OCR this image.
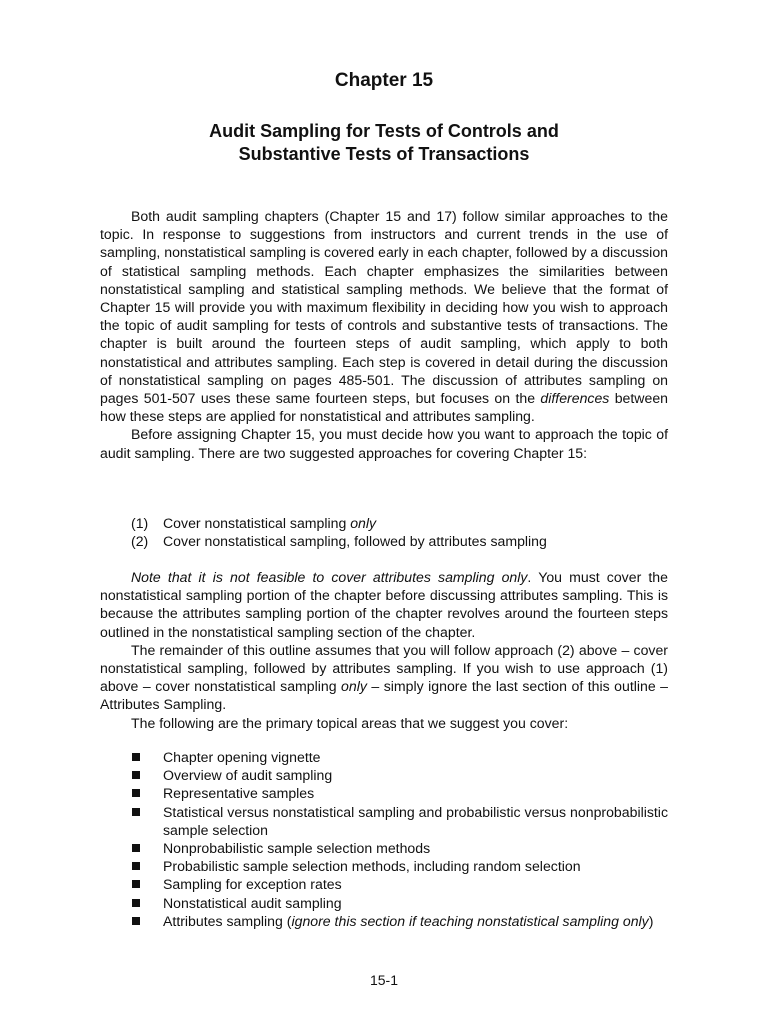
Chapter 15
Audit Sampling for Tests of Controls and
Substantive Tests of Transactions

Both audit sampling chapters (Chapter 15 and 17) follow similar approaches to the topic. In response to suggestions from instructors and current trends in the use of sampling, nonstatistical sampling is covered early in each chapter, followed by a discussion of statistical sampling methods. Each chapter emphasizes the similarities between nonstatistical sampling and statistical sampling methods. We believe that the format of Chapter 15 will provide you with maximum flexibility in deciding how you wish to approach the topic of audit sampling for tests of controls and substantive tests of transactions. The chapter is built around the fourteen steps of audit sampling, which apply to both nonstatistical and attributes sampling. Each step is covered in detail during the discussion of nonstatistical sampling on pages 485-501. The discussion of attributes sampling on pages 501-507 uses these same fourteen steps, but focuses on the differences between how these steps are applied for nonstatistical and attributes sampling.

Before assigning Chapter 15, you must decide how you want to approach the topic of audit sampling. There are two suggested approaches for covering Chapter 15:

(1) Cover nonstatistical sampling only
(2) Cover nonstatistical sampling, followed by attributes sampling

Note that it is not feasible to cover attributes sampling only. You must cover the nonstatistical sampling portion of the chapter before discussing attributes sampling. This is because the attributes sampling portion of the chapter revolves around the fourteen steps outlined in the nonstatistical sampling section of the chapter.

The remainder of this outline assumes that you will follow approach (2) above – cover nonstatistical sampling, followed by attributes sampling. If you wish to use approach (1) above – cover nonstatistical sampling only – simply ignore the last section of this outline – Attributes Sampling.

The following are the primary topical areas that we suggest you cover:

Chapter opening vignette
Overview of audit sampling
Representative samples
Statistical versus nonstatistical sampling and probabilistic versus nonprobabilistic sample selection
Nonprobabilistic sample selection methods
Probabilistic sample selection methods, including random selection
Sampling for exception rates
Nonstatistical audit sampling
Attributes sampling (ignore this section if teaching nonstatistical sampling only)
15-1
